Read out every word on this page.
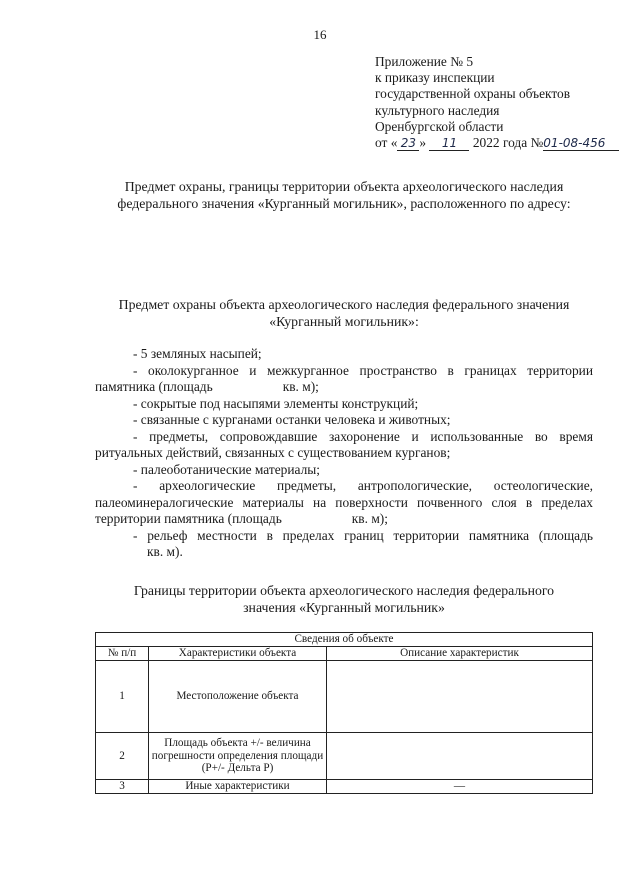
16
Приложение № 5
к приказу инспекции
государственной охраны объектов
культурного наследия
Оренбургской области
от « 23 » 11 2022 года №01-08-456
Предмет охраны, границы территории объекта археологического наследия
федерального значения «Курганный могильник», расположенного по адресу:
Предмет охраны объекта археологического наследия федерального значения
«Курганный могильник»:

- 5 земляных насыпей;

- околокурганное и межкурганное пространство в границах территории памятника (площадь	кв. м);

- сокрытые под насыпями элементы конструкций;

- связанные с курганами останки человека и животных;

- предметы, сопровождавшие захоронение и использованные во время ритуальных действий, связанных с существованием курганов;

- палеоботанические материалы;

- археологические предметы, антропологические, остеологические, палеоминералогические материалы на поверхности почвенного слоя в пределах территории памятника (площадь	кв. м);

- рельеф местности в пределах границ территории памятника (площадькв. м).

Границы территории объекта археологического наследия федерального
значения «Курганный могильник»
Сведения об объекте		
№ п/п	Характеристики объекта	Описание характеристик
1	Местоположение объекта	
2	Площадь объекта +/- величина погрешности определения площади (Р+/- Дельта Р)	
3	Иные характеристики	—
